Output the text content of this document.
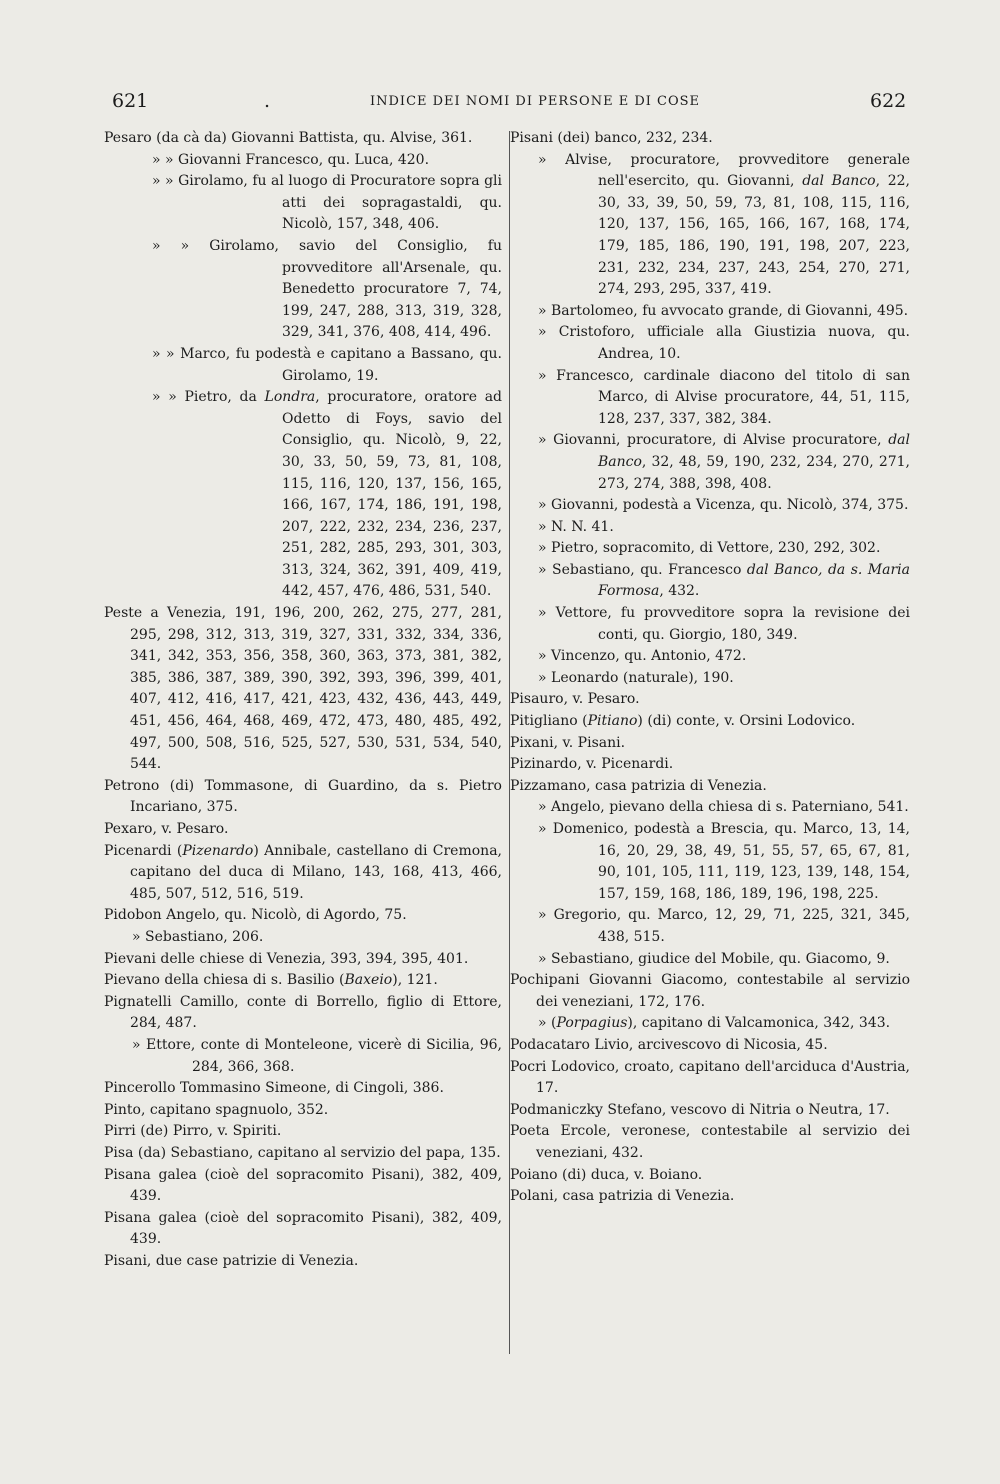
621	.	INDICE DEI NOMI DI PERSONE E DI COSE	622
Pesaro (da cà da) Giovanni Battista, qu. Alvise, 361.
» » Giovanni Francesco, qu. Luca, 420.
» » Girolamo, fu al luogo di Procuratore sopra gli atti dei sopragastaldi, qu. Nicolò, 157, 348, 406.
» » Girolamo, savio del Consiglio, fu provveditore all'Arsenale, qu. Benedetto procuratore 7, 74, 199, 247, 288, 313, 319, 328, 329, 341, 376, 408, 414, 496.
» » Marco, fu podestà e capitano a Bassano, qu. Girolamo, 19.
» » Pietro, da Londra, procuratore, oratore ad Odetto di Foys, savio del Consiglio, qu. Nicolò, 9, 22, 30, 33, 50, 59, 73, 81, 108, 115, 116, 120, 137, 156, 165, 166, 167, 174, 186, 191, 198, 207, 222, 232, 234, 236, 237, 251, 282, 285, 293, 301, 303, 313, 324, 362, 391, 409, 419, 442, 457, 476, 486, 531, 540.
Peste a Venezia, 191, 196, 200, 262, 275, 277, 281, 295, 298, 312, 313, 319, 327, 331, 332, 334, 336, 341, 342, 353, 356, 358, 360, 363, 373, 381, 382, 385, 386, 387, 389, 390, 392, 393, 396, 399, 401, 407, 412, 416, 417, 421, 423, 432, 436, 443, 449, 451, 456, 464, 468, 469, 472, 473, 480, 485, 492, 497, 500, 508, 516, 525, 527, 530, 531, 534, 540, 544.
Petrono (di) Tommasone, di Guardino, da s. Pietro Incariano, 375.
Pexaro, v. Pesaro.
Picenardi (Pizenardo) Annibale, castellano di Cremona, capitano del duca di Milano, 143, 168, 413, 466, 485, 507, 512, 516, 519.
Pidobon Angelo, qu. Nicolò, di Agordo, 75.
» Sebastiano, 206.
Pievani delle chiese di Venezia, 393, 394, 395, 401.
Pievano della chiesa di s. Basilio (Baxeio), 121.
Pignatelli Camillo, conte di Borrello, figlio di Ettore, 284, 487.
» Ettore, conte di Monteleone, vicerè di Sicilia, 96, 284, 366, 368.
Pincerollo Tommasino Simeone, di Cingoli, 386.
Pinto, capitano spagnuolo, 352.
Pirri (de) Pirro, v. Spiriti.
Pisa (da) Sebastiano, capitano al servizio del papa, 135.
Pisana galea (cioè del sopracomito Pisani), 382, 409, 439.
Pisana galea (cioè del sopracomito Pisani), 382, 409, 439.
Pisani, due case patrizie di Venezia.
Pisani (dei) banco, 232, 234.
» Alvise, procuratore, provveditore generale nell'esercito, qu. Giovanni, dal Banco, 22, 30, 33, 39, 50, 59, 73, 81, 108, 115, 116, 120, 137, 156, 165, 166, 167, 168, 174, 179, 185, 186, 190, 191, 198, 207, 223, 231, 232, 234, 237, 243, 254, 270, 271, 274, 293, 295, 337, 419.
» Bartolomeo, fu avvocato grande, di Giovanni, 495.
» Cristoforo, ufficiale alla Giustizia nuova, qu. Andrea, 10.
» Francesco, cardinale diacono del titolo di san Marco, di Alvise procuratore, 44, 51, 115, 128, 237, 337, 382, 384.
» Giovanni, procuratore, di Alvise procuratore, dal Banco, 32, 48, 59, 190, 232, 234, 270, 271, 273, 274, 388, 398, 408.
» Giovanni, podestà a Vicenza, qu. Nicolò, 374, 375.
» N. N. 41.
» Pietro, sopracomito, di Vettore, 230, 292, 302.
» Sebastiano, qu. Francesco dal Banco, da s. Maria Formosa, 432.
» Vettore, fu provveditore sopra la revisione dei conti, qu. Giorgio, 180, 349.
» Vincenzo, qu. Antonio, 472.
» Leonardo (naturale), 190.
Pisauro, v. Pesaro.
Pitigliano (Pitiano) (di) conte, v. Orsini Lodovico.
Pixani, v. Pisani.
Pizinardo, v. Picenardi.
Pizzamano, casa patrizia di Venezia.
» Angelo, pievano della chiesa di s. Paterniano, 541.
» Domenico, podestà a Brescia, qu. Marco, 13, 14, 16, 20, 29, 38, 49, 51, 55, 57, 65, 67, 81, 90, 101, 105, 111, 119, 123, 139, 148, 154, 157, 159, 168, 186, 189, 196, 198, 225.
» Gregorio, qu. Marco, 12, 29, 71, 225, 321, 345, 438, 515.
» Sebastiano, giudice del Mobile, qu. Giacomo, 9.
Pochipani Giovanni Giacomo, contestabile al servizio dei veneziani, 172, 176.
» (Porpagius), capitano di Valcamonica, 342, 343.
Podacataro Livio, arcivescovo di Nicosia, 45.
Pocri Lodovico, croato, capitano dell'arciduca d'Austria, 17.
Podmaniczky Stefano, vescovo di Nitria o Neutra, 17.
Poeta Ercole, veronese, contestabile al servizio dei veneziani, 432.
Poiano (di) duca, v. Boiano.
Polani, casa patrizia di Venezia.
